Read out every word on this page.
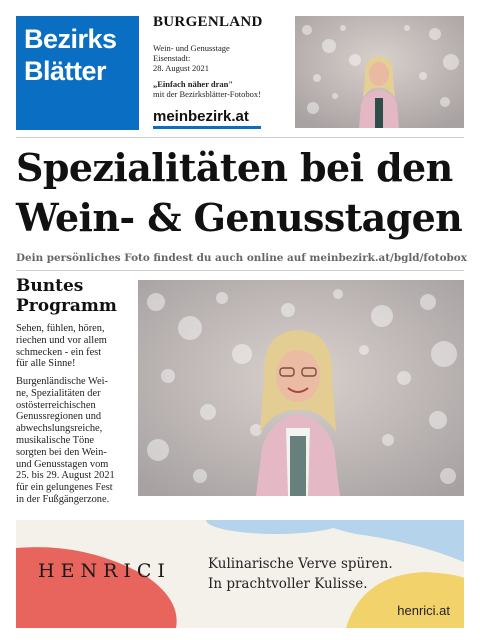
Bezirks
Blätter
BURGENLAND
Wein- und Genusstage
Eisenstadt:
28. August 2021
„Einfach näher dran"
mit der Bezirksblätter-Fotobox!
meinbezirk.at
Spezialitäten bei den
Wein- & Genusstagen
Dein persönliches Foto findest du auch online auf meinbezirk.at/bgld/fotobox
Buntes
Programm
Sehen, fühlen, hören,
riechen und vor allem
schmecken - ein fest
für alle Sinne!
Burgenländische Wei-
ne, Spezialitäten der
ostösterreichischen
Genussregionen und
abwechslungsreiche,
musikalische Töne
sorgten bei den Wein-
und Genusstagen vom
25. bis 29. August 2021
für ein gelungenes Fest
in der Fußgängerzone.
HENRICI	Kulinarische Verve spüren.
In prachtvoller Kulisse.
henrici.at
